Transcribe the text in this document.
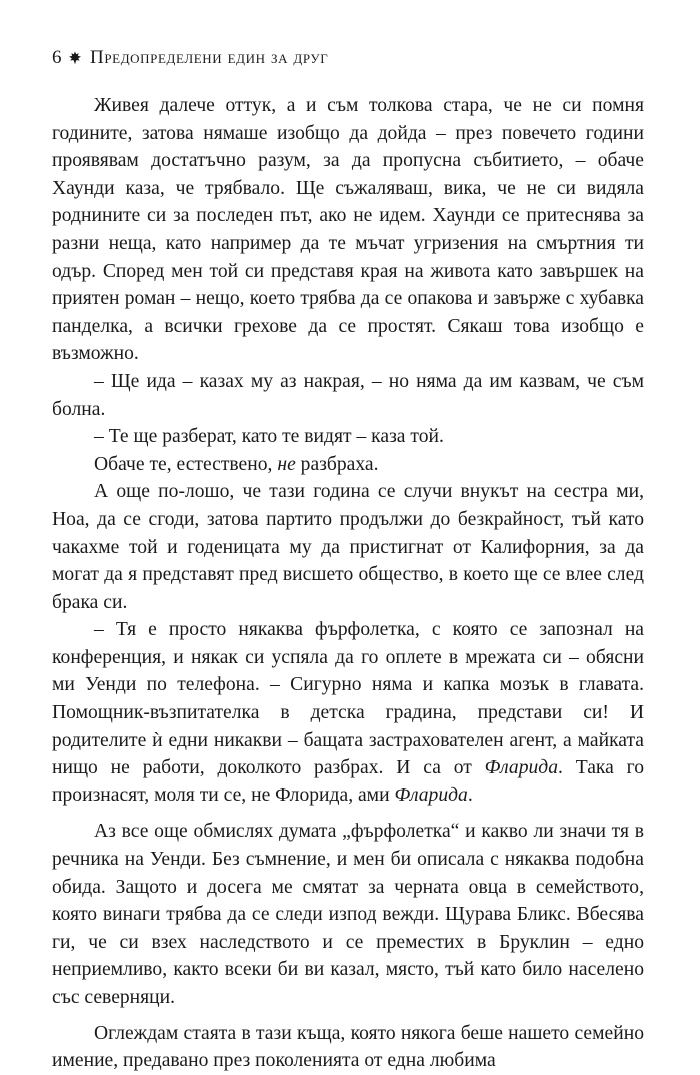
6 Предопределени един за друг

Живея далече оттук, а и съм толкова стара, че не си помня годините, затова нямаше изобщо да дойда – през повечето години проявявам достатъчно разум, за да пропусна събитието, – обаче Хаунди каза, че трябвало. Ще съжаляваш, вика, че не си видяла роднините си за последен път, ако не идем. Хаунди се притеснява за разни неща, като например да те мъчат угризения на смъртния ти одър. Според мен той си представя края на живота като завършек на приятен роман – нещо, което трябва да се опакова и завърже с хубавка панделка, а всички грехове да се простят. Сякаш това изобщо е възможно.

– Ще ида – казах му аз накрая, – но няма да им казвам, че съм болна.

– Те ще разберат, като те видят – каза той.

Обаче те, естествено, не разбраха.

А още по-лошо, че тази година се случи внукът на сестра ми, Ноа, да се сгоди, затова партито продължи до безкрайност, тъй като чакахме той и годеницата му да пристигнат от Калифорния, за да могат да я представят пред висшето общество, в което ще се влее след брака си.

– Тя е просто някаква фърфолетка, с която се запознал на конференция, и някак си успяла да го оплете в мрежата си – обясни ми Уенди по телефона. – Сигурно няма и капка мозък в главата. Помощник-възпитателка в детска градина, представи си! И родителите ѝ едни никакви – бащата застрахователен агент, а майката нищо не работи, доколкото разбрах. И са от Фларида. Така го произнасят, моля ти се, не Флорида, ами Фларида.

Аз все още обмислях думата „фърфолетка“ и какво ли значи тя в речника на Уенди. Без съмнение, и мен би описала с някаква подобна обида. Защото и досега ме смятат за черната овца в семейството, която винаги трябва да се следи изпод вежди. Щурава Бликс. Вбесява ги, че си взех наследството и се преместих в Бруклин – едно неприемливо, както всеки би ви казал, място, тъй като било населено със северняци.

Оглеждам стаята в тази къща, която някога беше нашето семейно имение, предавано през поколенията от една любима
